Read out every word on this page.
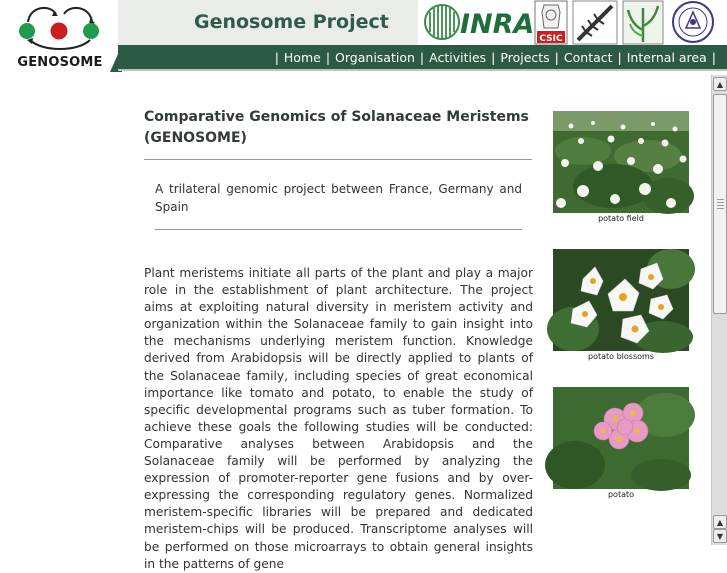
GENOSOME
Genosome Project	INRA CSIC
| Home | Organisation | Activities | Projects | Contact | Internal area |
Comparative Genomics of Solanaceae Meristems (GENOSOME)
A trilateral genomic project between France, Germany and Spain
Plant meristems initiate all parts of the plant and play a major role in the establishment of plant architecture. The project aims at exploiting natural diversity in meristem activity and organization within the Solanaceae family to gain insight into the mechanisms underlying meristem function. Knowledge derived from Arabidopsis will be directly applied to plants of the Solanaceae family, including species of great economical importance like tomato and potato, to enable the study of specific developmental programs such as tuber formation. To achieve these goals the following studies will be conducted: Comparative analyses between Arabidopsis and the Solanaceae family will be performed by analyzing the expression of promoter-reporter gene fusions and by over-expressing the corresponding regulatory genes. Normalized meristem-specific libraries will be prepared and dedicated meristem-chips will be produced. Transcriptome analyses will be performed on those microarrays to obtain general insights in the patterns of gene
potato field
potato blossoms
potato
▲
▲
▼
